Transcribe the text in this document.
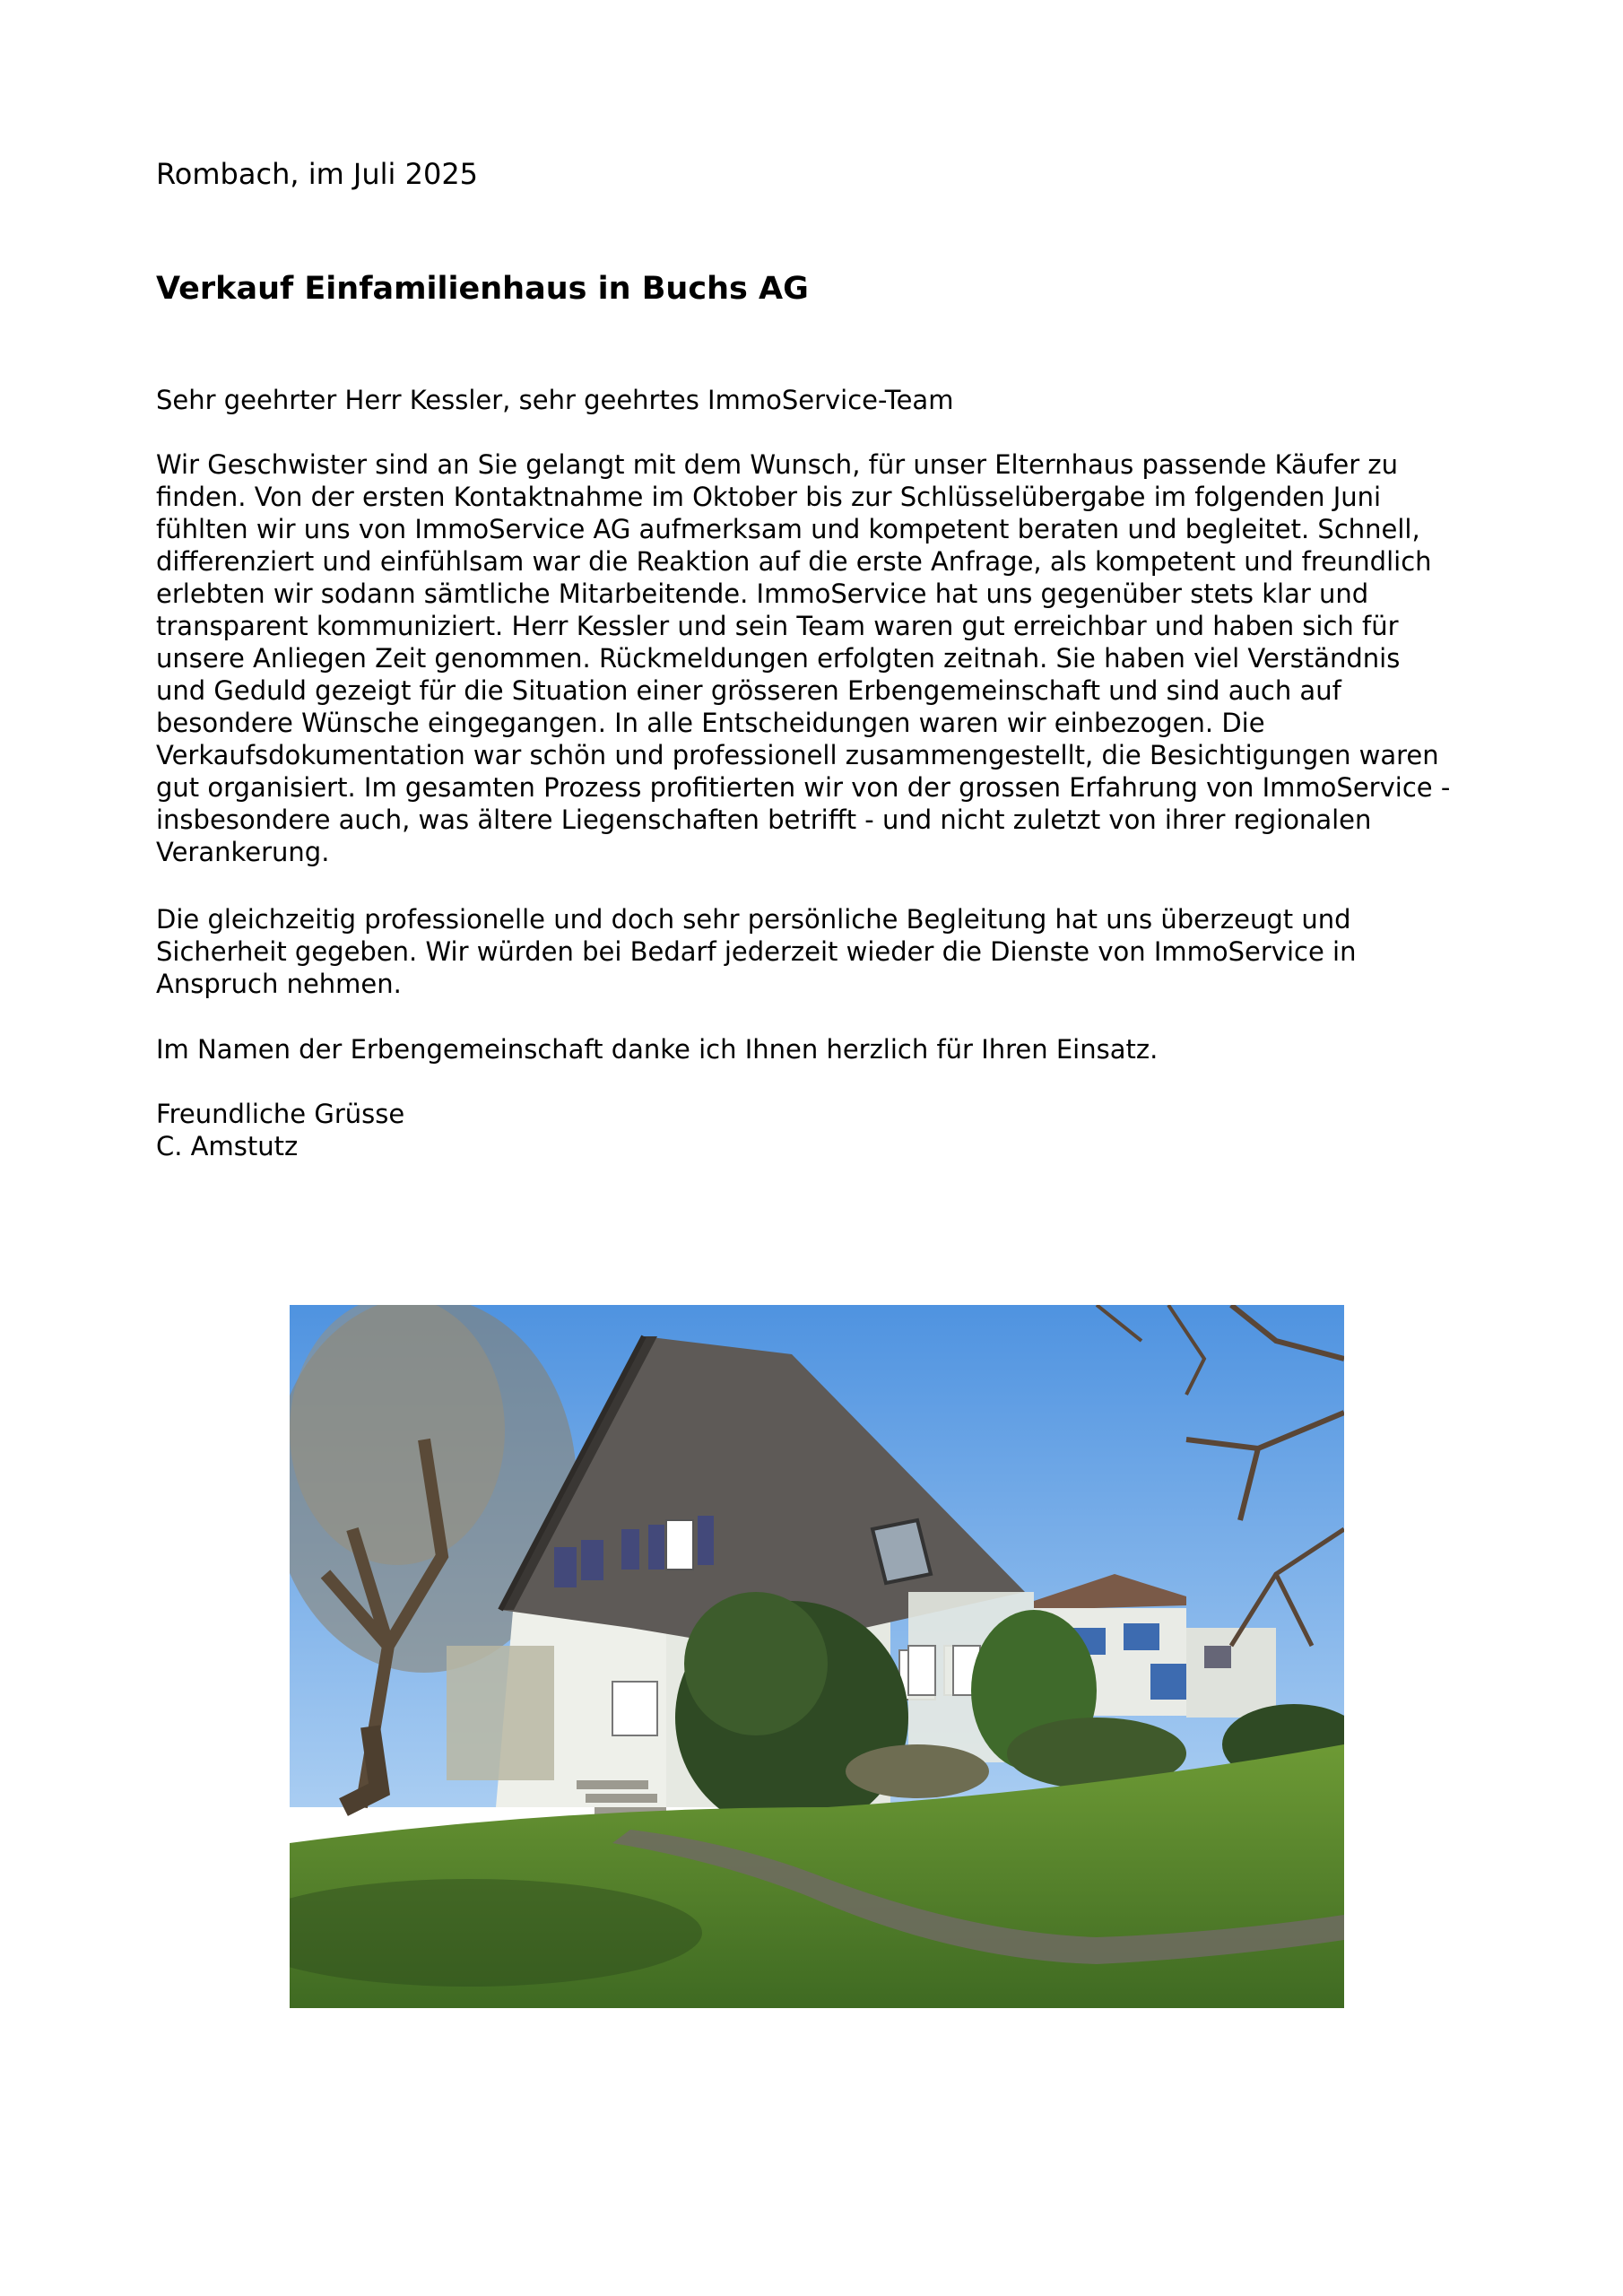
Rombach, im Juli 2025
Verkauf Einfamilienhaus in Buchs AG
Sehr geehrter Herr Kessler, sehr geehrtes ImmoService-Team
Wir Geschwister sind an Sie gelangt mit dem Wunsch, für unser Elternhaus passende Käufer zu
finden. Von der ersten Kontaktnahme im Oktober bis zur Schlüsselübergabe im folgenden Juni
fühlten wir uns von ImmoService AG aufmerksam und kompetent beraten und begleitet. Schnell,
differenziert und einfühlsam war die Reaktion auf die erste Anfrage, als kompetent und freundlich
erlebten wir sodann sämtliche Mitarbeitende. ImmoService hat uns gegenüber stets klar und
transparent kommuniziert. Herr Kessler und sein Team waren gut erreichbar und haben sich für
unsere Anliegen Zeit genommen. Rückmeldungen erfolgten zeitnah. Sie haben viel Verständnis
und Geduld gezeigt für die Situation einer grösseren Erbengemeinschaft und sind auch auf
besondere Wünsche eingegangen. In alle Entscheidungen waren wir einbezogen. Die
Verkaufsdokumentation war schön und professionell zusammengestellt, die Besichtigungen waren
gut organisiert. Im gesamten Prozess profitierten wir von der grossen Erfahrung von ImmoService -
insbesondere auch, was ältere Liegenschaften betrifft - und nicht zuletzt von ihrer regionalen
Verankerung.
Die gleichzeitig professionelle und doch sehr persönliche Begleitung hat uns überzeugt und
Sicherheit gegeben. Wir würden bei Bedarf jederzeit wieder die Dienste von ImmoService in
Anspruch nehmen.
Im Namen der Erbengemeinschaft danke ich Ihnen herzlich für Ihren Einsatz.
Freundliche Grüsse
C. Amstutz
